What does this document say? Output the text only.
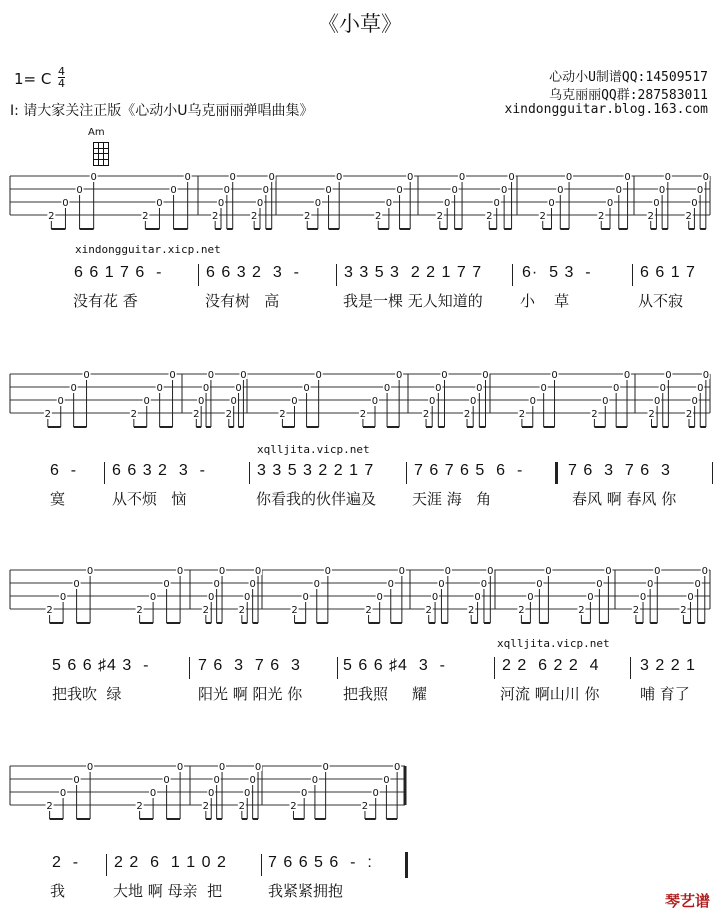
《小草》
1= C $\frac{4}{4}$
I: 请大家关注正版《心动小U乌克丽丽弹唱曲集》
心动小U制谱QQ:14509517
乌克丽丽QQ群:287583011
xindongguitar.blog.163.com
Am
2
0
0
0
2
0
0
0
2
0
0
0
2
0
0
0
2
0
0
0
2
0
0
0
2
0
0
0
2
0
0
0
2
0
0
0
2
0
0
0
2
0
0
0
2
0
0
0
2
0
0
0
2
0
0
0
2
0
0
0
2
0
0
0
2
0
0
0
2
0
0
0
2
0
0
0
2
0
0
0
2
0
0
0
2
0
0
0
2
0
0
0
2
0
0
0
2
0
0
0
2
0
0
0
2
0
0
0
2
0
0
0
2
0
0
0
2
0
0
0
2
0
0
0
2
0
0
0
2
0
0
0
2
0
0
0
2
0
0
0
2
0
0
0
2
0
0
0
2
0
0
0
2
0
0
0
2
0
0
0
2
0
0
0
2
0
0
0
xindongguitar.xicp.net
6 6 1 7 6  -	6 6 3 2  3  -	3 3 5 3  2 2 1 7 7 6·  5 3  -	6 6 1 7
没有花 香	没有树   高	我是一棵 无人知道的 小    草	从不寂
xqlljita.vicp.net
6  - 6 6 3 2  3  -	3 3 5 3 2 2 1 7 7 6 7 6 5  6  -	7 6  3  7 6  3
寞	从不烦   恼	你看我的伙伴遍及 天涯 海   角	春风 啊 春风 你
xqlljita.vicp.net
5 6 6 ♯4 3  -	7 6  3  7 6  3	5 6 6 ♯4  3  -	2 2  6 2 2  4	3 2 2 1
把我吹  绿	阳光 啊 阳光 你	把我照     耀	河流 啊山川 你	哺 育了
2  - 2 2  6  1 1 0 2	7 6 6 5 6  -  :
我	大地 啊 母亲  把	我紧紧拥抱
琴艺谱
